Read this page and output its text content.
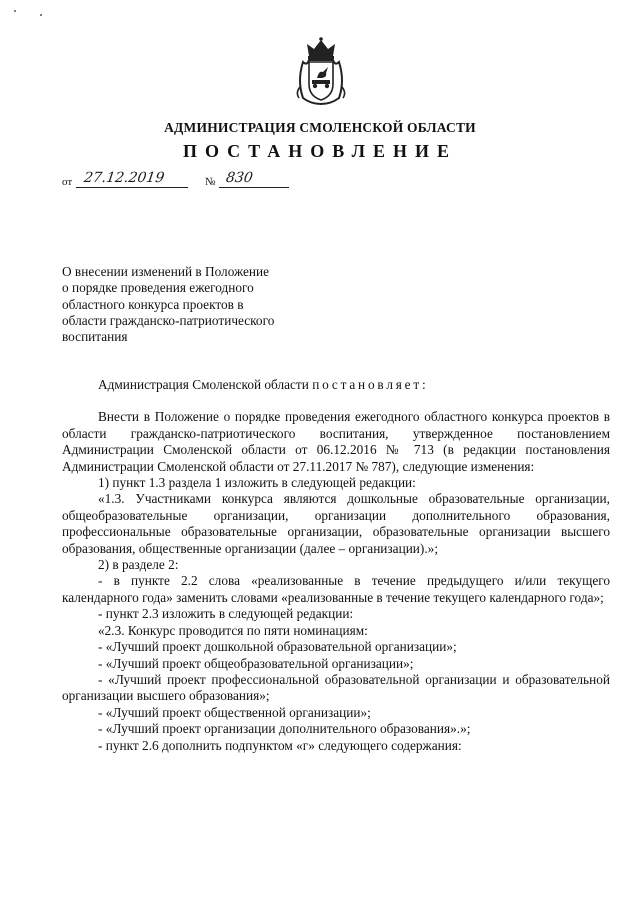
АДМИНИСТРАЦИЯ СМОЛЕНСКОЙ ОБЛАСТИ
ПОСТАНОВЛЕНИЕ
от 27.12.2019	№ 830

О внесении изменений в Положение

о порядке проведения ежегодного

областного конкурса проектов в

области гражданско-патриотического

воспитания

Администрация Смоленской области постановляет:

Внести в Положение о порядке проведения ежегодного областного конкурса проектов в области гражданско-патриотического воспитания, утвержденное постановлением Администрации Смоленской области от 06.12.2016 № 713 (в редакции постановления Администрации Смоленской области от 27.11.2017 № 787), следующие изменения:

1) пункт 1.3 раздела 1 изложить в следующей редакции:

«1.3. Участниками конкурса являются дошкольные образовательные организации, общеобразовательные организации, организации дополнительного образования, профессиональные образовательные организации, образовательные организации высшего образования, общественные организации (далее – организации).»;

2) в разделе 2:

- в пункте 2.2 слова «реализованные в течение предыдущего и/или текущего календарного года» заменить словами «реализованные в течение текущего календарного года»;

- пункт 2.3 изложить в следующей редакции:

«2.3. Конкурс проводится по пяти номинациям:

- «Лучший проект дошкольной образовательной организации»;

- «Лучший проект общеобразовательной организации»;

- «Лучший проект профессиональной образовательной организации и образовательной организации высшего образования»;

- «Лучший проект общественной организации»;

- «Лучший проект организации дополнительного образования».»;

- пункт 2.6 дополнить подпунктом «г» следующего содержания:
